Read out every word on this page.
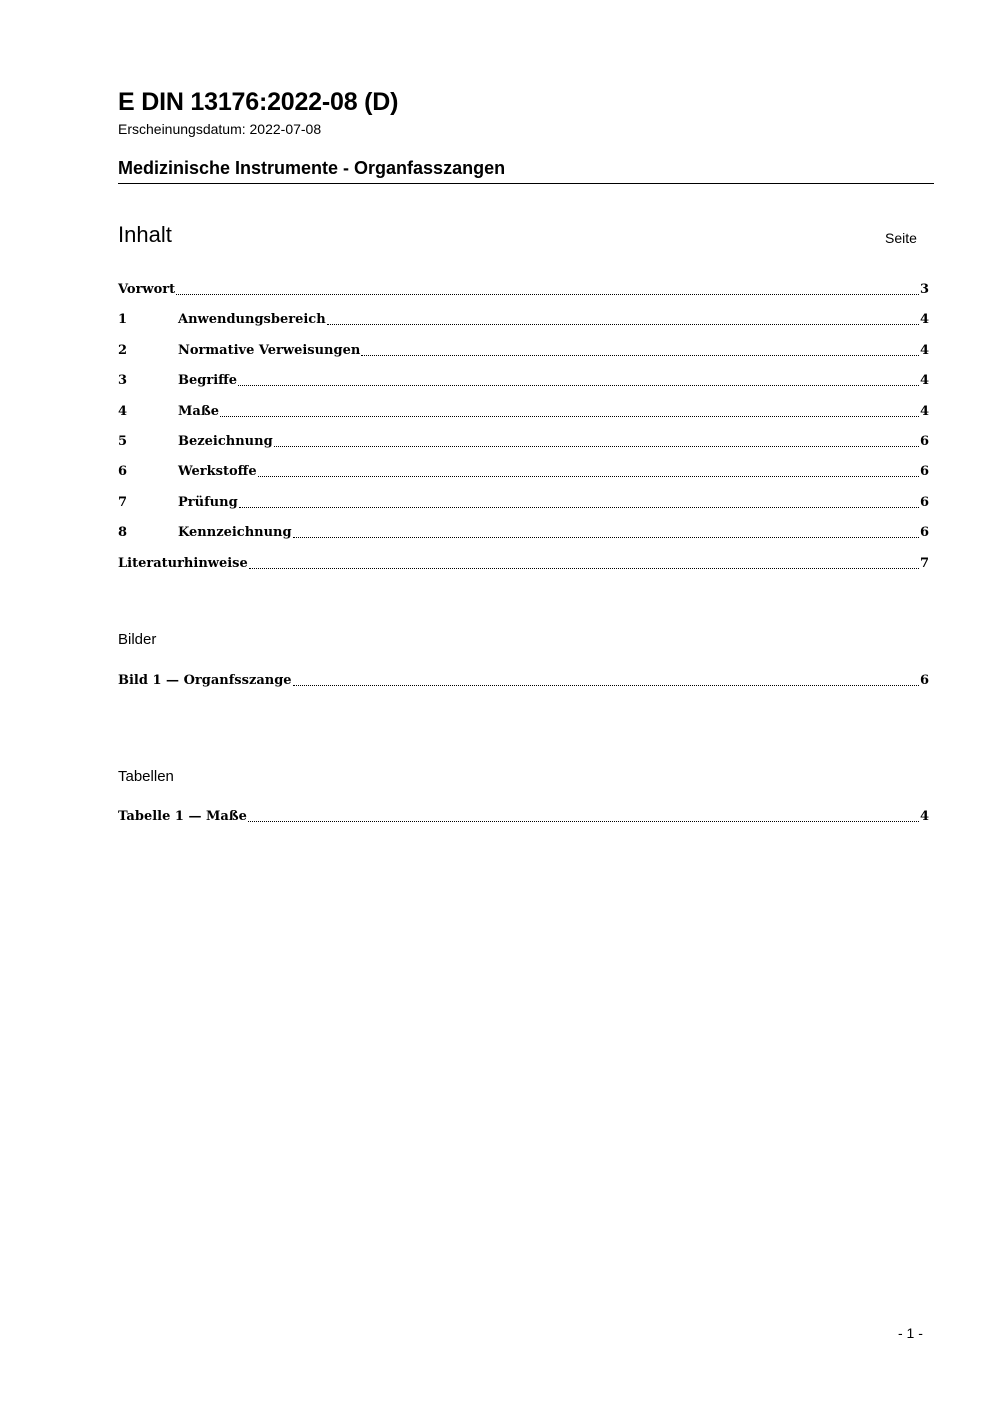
E DIN 13176:2022-08 (D)
Erscheinungsdatum: 2022-07-08
Medizinische Instrumente - Organfasszangen
Inhalt	Seite
Vorwort	3
1	Anwendungsbereich	4
2	Normative Verweisungen	4
3	Begriffe	4
4	Maße	4
5	Bezeichnung	6
6	Werkstoffe	6
7	Prüfung	6
8	Kennzeichnung	6
Literaturhinweise	7
Bilder
Bild 1 — Organfsszange	6
Tabellen
Tabelle 1 — Maße	4
- 1 -
